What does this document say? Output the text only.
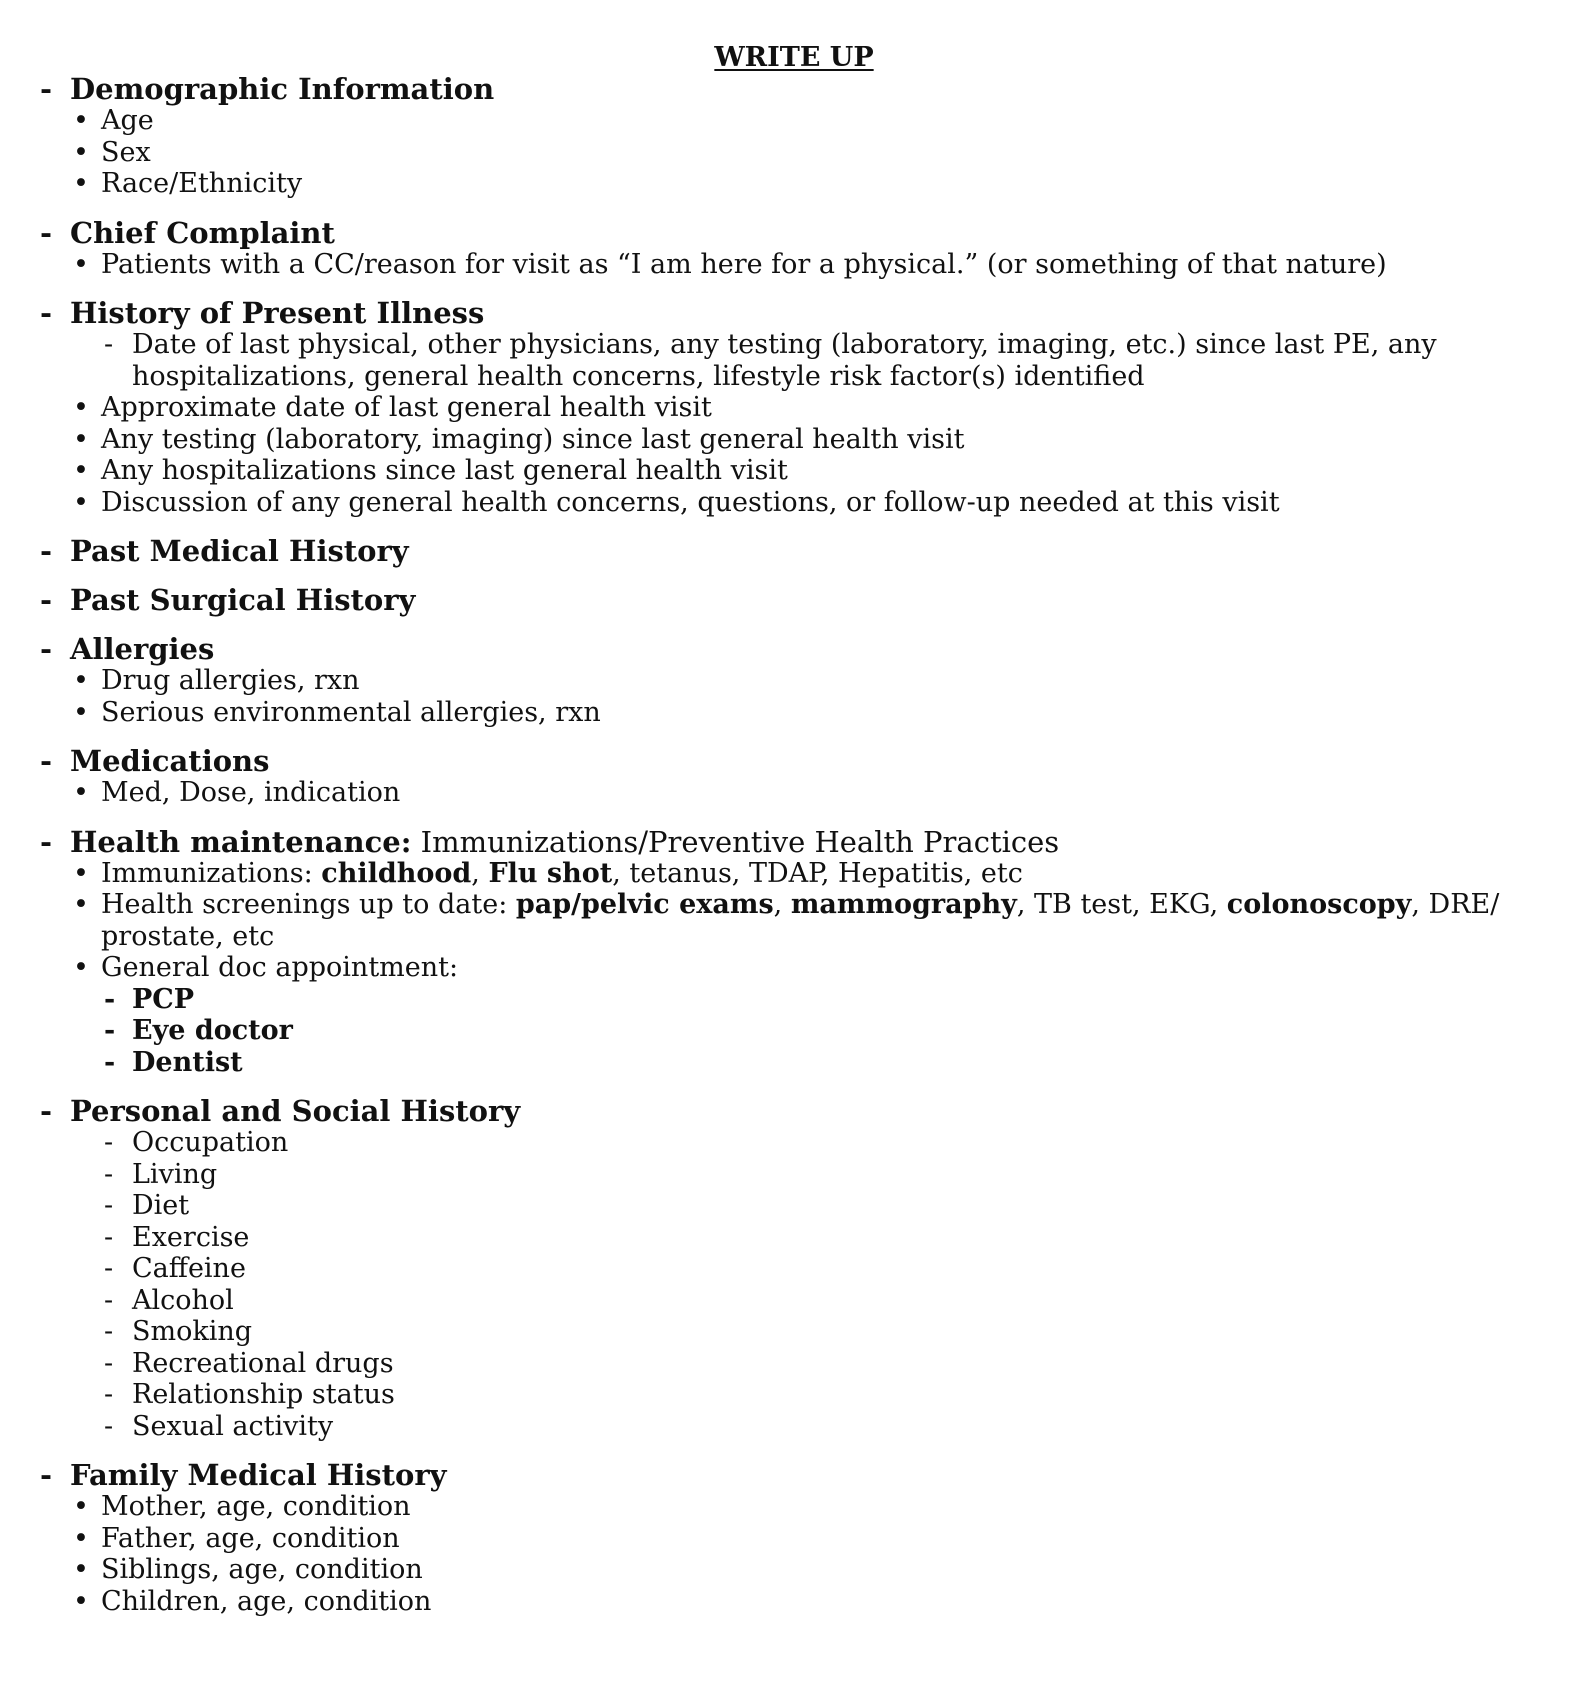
WRITE UP
- Demographic Information
• Age
• Sex
• Race/Ethnicity
- Chief Complaint
• Patients with a CC/reason for visit as “I am here for a physical.” (or something of that nature)
- History of Present Illness
- Date of last physical, other physicians, any testing (laboratory, imaging, etc.) since last PE, any hospitalizations, general health concerns, lifestyle risk factor(s) identified
• Approximate date of last general health visit
• Any testing (laboratory, imaging) since last general health visit
• Any hospitalizations since last general health visit
• Discussion of any general health concerns, questions, or follow-up needed at this visit
- Past Medical History
- Past Surgical History
- Allergies
• Drug allergies, rxn
• Serious environmental allergies, rxn
- Medications
• Med, Dose, indication
- Health maintenance: Immunizations/Preventive Health Practices
• Immunizations: childhood, Flu shot, tetanus, TDAP, Hepatitis, etc
• Health screenings up to date: pap/pelvic exams, mammography, TB test, EKG, colonoscopy, DRE/ prostate, etc
• General doc appointment:
- PCP
- Eye doctor
- Dentist
- Personal and Social History
- Occupation
- Living
- Diet
- Exercise
- Caffeine
- Alcohol
- Smoking
- Recreational drugs
- Relationship status
- Sexual activity
- Family Medical History
• Mother, age, condition
• Father, age, condition
• Siblings, age, condition
• Children, age, condition
